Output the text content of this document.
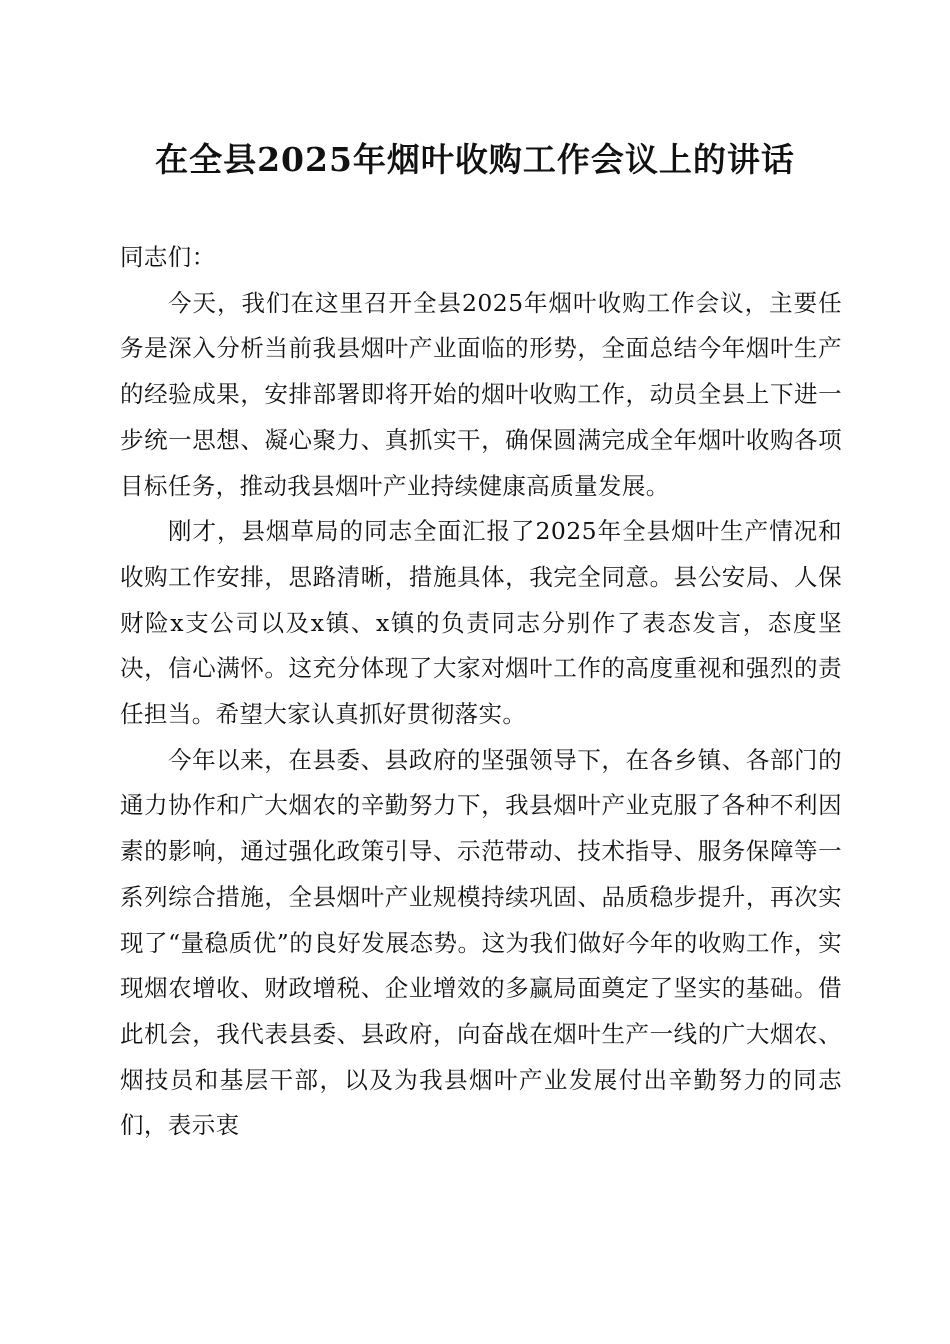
在全县2025年烟叶收购工作会议上的讲话

同志们：

今天，我们在这里召开全县2025年烟叶收购工作会议，主要任务是深入分析当前我县烟叶产业面临的形势，全面总结今年烟叶生产的经验成果，安排部署即将开始的烟叶收购工作，动员全县上下进一步统一思想、凝心聚力、真抓实干，确保圆满完成全年烟叶收购各项目标任务，推动我县烟叶产业持续健康高质量发展。

刚才，县烟草局的同志全面汇报了2025年全县烟叶生产情况和收购工作安排，思路清晰，措施具体，我完全同意。县公安局、人保财险x支公司以及x镇、x镇的负责同志分别作了表态发言，态度坚决，信心满怀。这充分体现了大家对烟叶工作的高度重视和强烈的责任担当。希望大家认真抓好贯彻落实。

今年以来，在县委、县政府的坚强领导下，在各乡镇、各部门的通力协作和广大烟农的辛勤努力下，我县烟叶产业克服了各种不利因素的影响，通过强化政策引导、示范带动、技术指导、服务保障等一系列综合措施，全县烟叶产业规模持续巩固、品质稳步提升，再次实现了“量稳质优”的良好发展态势。这为我们做好今年的收购工作，实现烟农增收、财政增税、企业增效的多赢局面奠定了坚实的基础。借此机会，我代表县委、县政府，向奋战在烟叶生产一线的广大烟农、烟技员和基层干部，以及为我县烟叶产业发展付出辛勤努力的同志们，表示衷
